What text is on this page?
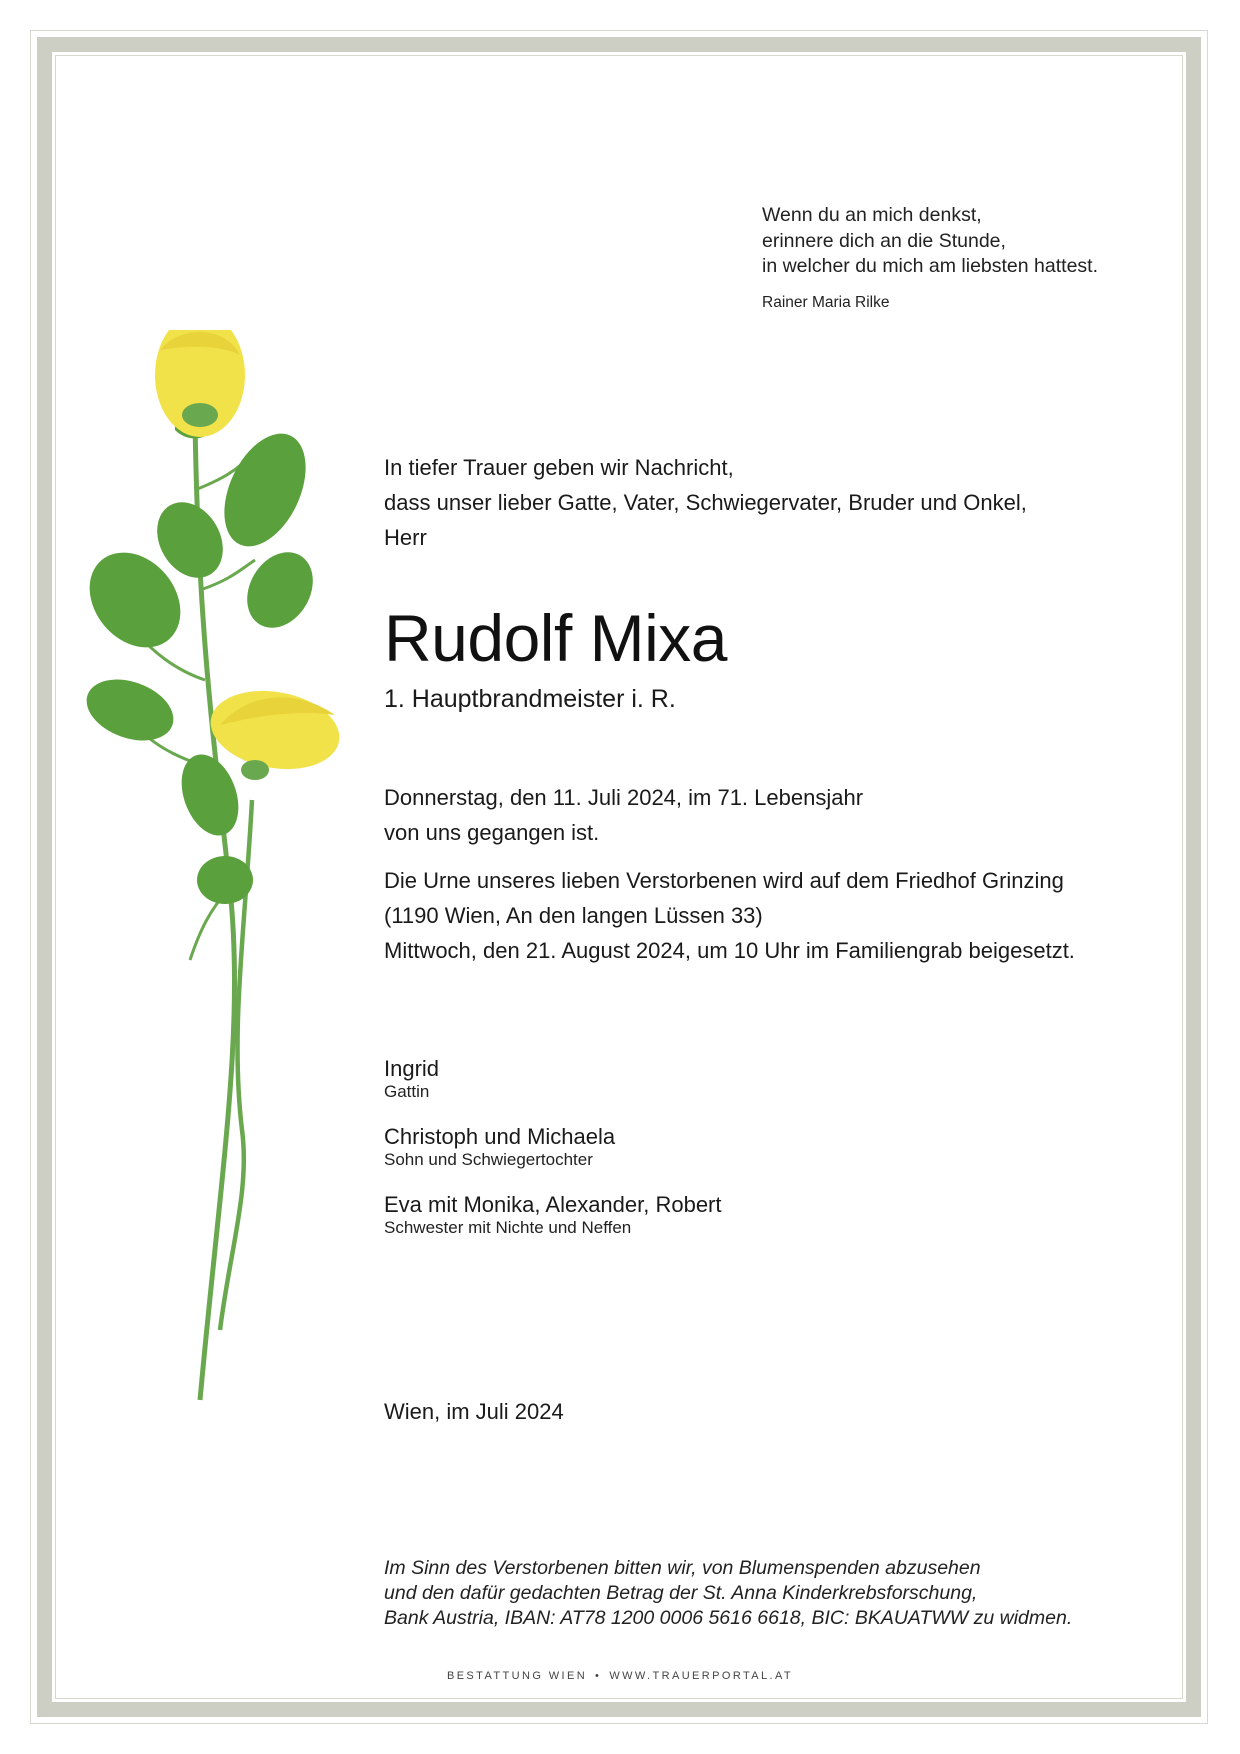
Wenn du an mich denkst,
erinnere dich an die Stunde,
in welcher du mich am liebsten hattest.
Rainer Maria Rilke

In tiefer Trauer geben wir Nachricht,

dass unser lieber Gatte, Vater, Schwiegervater, Bruder und Onkel,

Herr

Rudolf Mixa
1. Hauptbrandmeister i. R.

Donnerstag, den 11. Juli 2024, im 71. Lebensjahr

von uns gegangen ist.

Die Urne unseres lieben Verstorbenen wird auf dem Friedhof Grinzing

(1190 Wien, An den langen Lüssen 33)

Mittwoch, den 21. August 2024, um 10 Uhr im Familiengrab beigesetzt.

Ingrid
Gattin
Christoph und Michaela
Sohn und Schwiegertochter
Eva mit Monika, Alexander, Robert
Schwester mit Nichte und Neffen
Wien, im Juli 2024
Im Sinn des Verstorbenen bitten wir, von Blumenspenden abzusehen
und den dafür gedachten Betrag der St. Anna Kinderkrebsforschung,
Bank Austria, IBAN: AT78 1200 0006 5616 6618, BIC: BKAUATWW zu widmen.
BESTATTUNG WIEN • WWW.TRAUERPORTAL.AT
